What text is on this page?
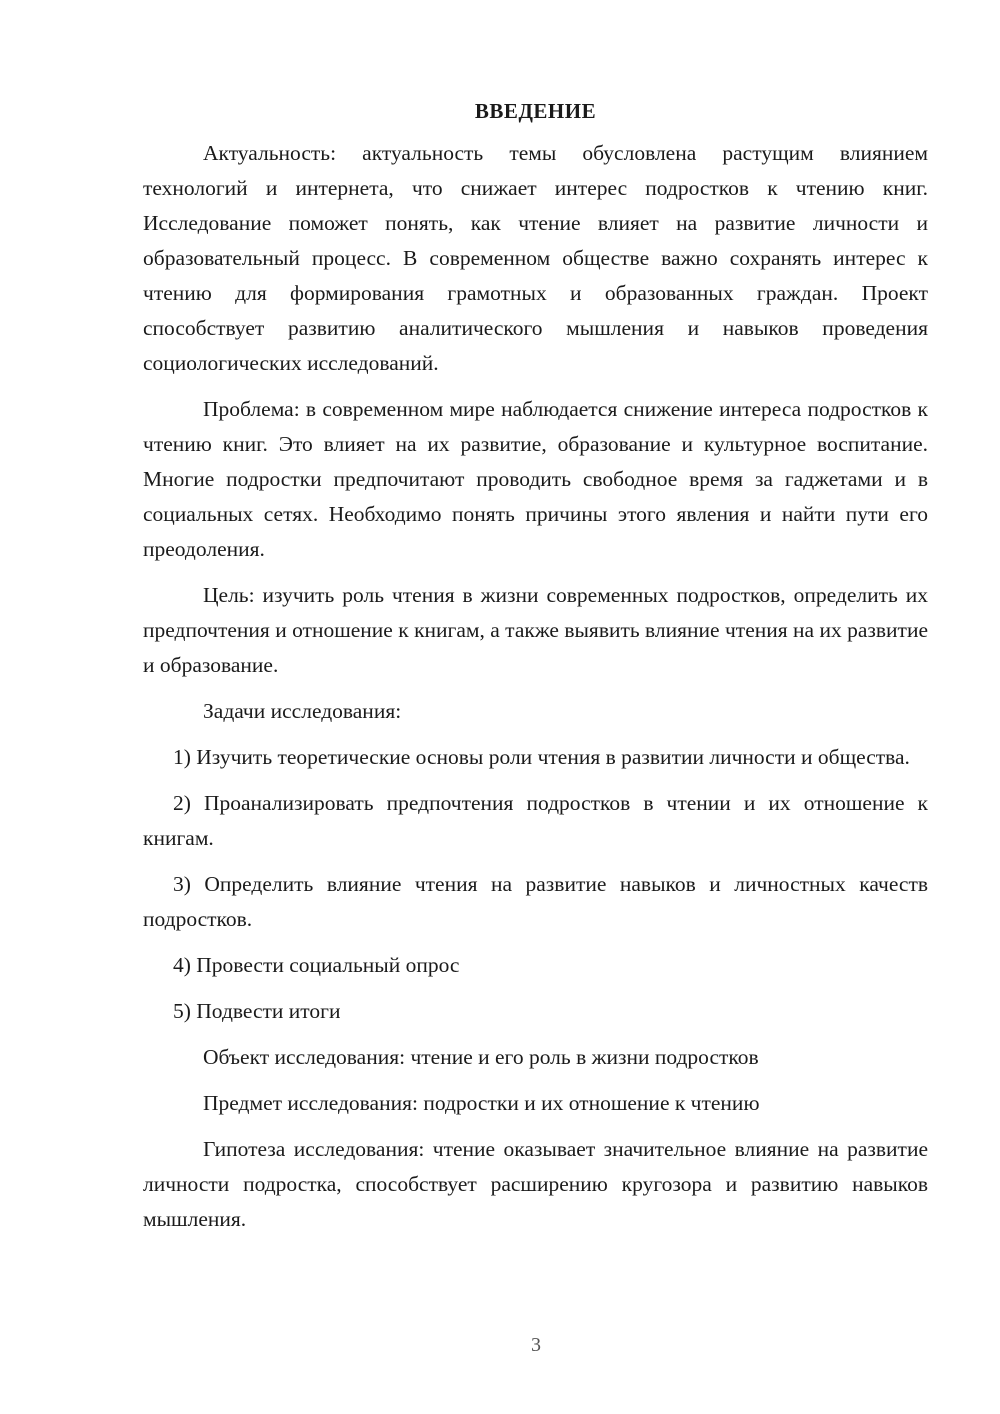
ВВЕДЕНИЕ

Актуальность: актуальность темы обусловлена растущим влиянием технологий и интернета, что снижает интерес подростков к чтению книг. Исследование поможет понять, как чтение влияет на развитие личности и образовательный процесс. В современном обществе важно сохранять интерес к чтению для формирования грамотных и образованных граждан. Проект способствует развитию аналитического мышления и навыков проведения социологических исследований.

Проблема: в современном мире наблюдается снижение интереса подростков к чтению книг. Это влияет на их развитие, образование и культурное воспитание. Многие подростки предпочитают проводить свободное время за гаджетами и в социальных сетях. Необходимо понять причины этого явления и найти пути его преодоления.

Цель: изучить роль чтения в жизни современных подростков, определить их предпочтения и отношение к книгам, а также выявить влияние чтения на их развитие и образование.

Задачи исследования:

1) Изучить теоретические основы роли чтения в развитии личности и общества.

2) Проанализировать предпочтения подростков в чтении и их отношение к книгам.

3) Определить влияние чтения на развитие навыков и личностных качеств подростков.

4) Провести социальный опрос

5) Подвести итоги

Объект исследования: чтение и его роль в жизни подростков

Предмет исследования: подростки и их отношение к чтению

Гипотеза исследования: чтение оказывает значительное влияние на развитие личности подростка, способствует расширению кругозора и развитию навыков мышления.

3
